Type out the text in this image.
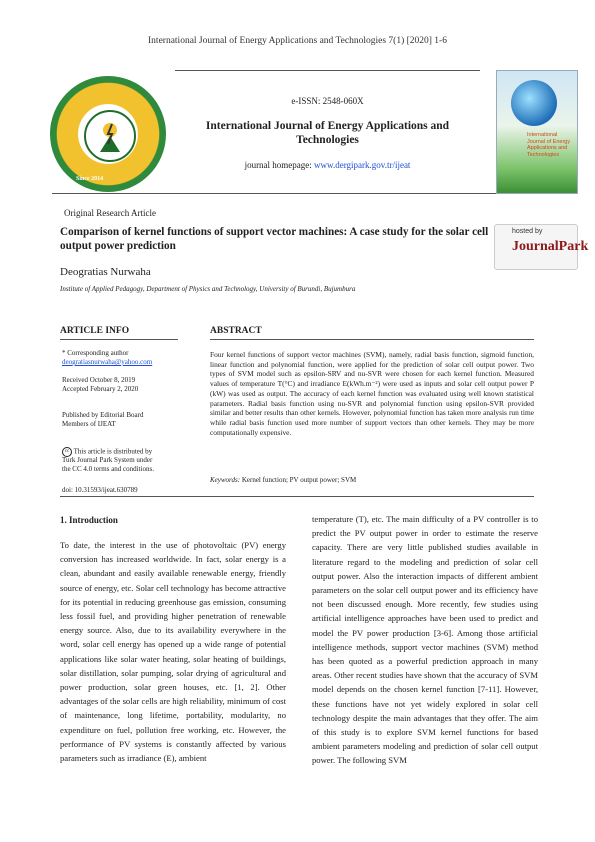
International Journal of Energy Applications and Technologies 7(1) [2020] 1-6
Since 2014
e-ISSN: 2548-060X
International Journal of Energy Applications and Technologies
journal homepage: www.dergipark.gov.tr/ijeat
International Journal of Energy Applications and Technologies
hosted by
JournalPark
Original Research Article
Comparison of kernel functions of support vector machines: A case study for the solar cell output power prediction
Deogratias Nurwaha
Institute of Applied Pedagogy, Department of Physics and Technology, University of Burundi, Bujumbura
ARTICLE INFO
* Corresponding author
deogratiasnurwaha@yahoo.com
Received October 8, 2019
Accepted February 2, 2020
Published by Editorial Board
Members of IJEAT
cc This article is distributed by
Turk Journal Park System under
the CC 4.0 terms and conditions.
doi: 10.31593/ijeat.630789
ABSTRACT
Four kernel functions of support vector machines (SVM), namely, radial basis function, sigmoid function, linear function and polynomial function, were applied for the prediction of solar cell output power. Two types of SVM model such as epsilon-SRV and nu-SVR were chosen for each kernel function. Measured values of temperature T(°C) and irradiance E(kWh.m⁻²) were used as inputs and solar cell output power P (kW) was used as output. The accuracy of each kernel function was evaluated using well known statistical parameters. Radial basis function using nu-SVR and polynomial function using epsilon-SVR provided similar and better results than other kernels. However, polynomial function has taken more analysis run time while radial basis function used more number of support vectors than other kernels. They may be more computationally expensive.
Keywords: Kernel function; PV output power; SVM
1. Introduction
To date, the interest in the use of photovoltaic (PV) energy conversion has increased worldwide. In fact, solar energy is a clean, abundant and easily available renewable energy, friendly source of energy, etc. Solar cell technology has become attractive for its potential in reducing greenhouse gas emission, consuming less fossil fuel, and providing higher penetration of renewable energy source. Also, due to its availability everywhere in the word, solar cell energy has opened up a wide range of potential applications like solar water heating, solar heating of buildings, solar distillation, solar pumping, solar drying of agricultural and power production, solar green houses, etc. [1, 2]. Other advantages of the solar cells are high reliability, minimum of cost of maintenance, long lifetime, portability, modularity, no expenditure on fuel, pollution free working, etc. However, the performance of PV systems is constantly affected by various parameters such as irradiance (E), ambient
temperature (T), etc. The main difficulty of a PV controller is to predict the PV output power in order to estimate the reserve capacity. There are very little published studies available in literature regard to the modeling and prediction of solar cell output power. Also the interaction impacts of different ambient parameters on the solar cell output power and its efficiency have not been discussed enough. More recently, few studies using artificial intelligence approaches have been used to predict and model the PV power production [3-6]. Among those artificial intelligence methods, support vector machines (SVM) method has been quoted as a powerful prediction approach in many areas. Other recent studies have shown that the accuracy of SVM model depends on the chosen kernel function [7-11]. However, these functions have not yet widely explored in solar cell technology despite the main advantages that they offer. The aim of this study is to explore SVM kernel functions for based ambient parameters modeling and prediction of solar cell output power. The following SVM
